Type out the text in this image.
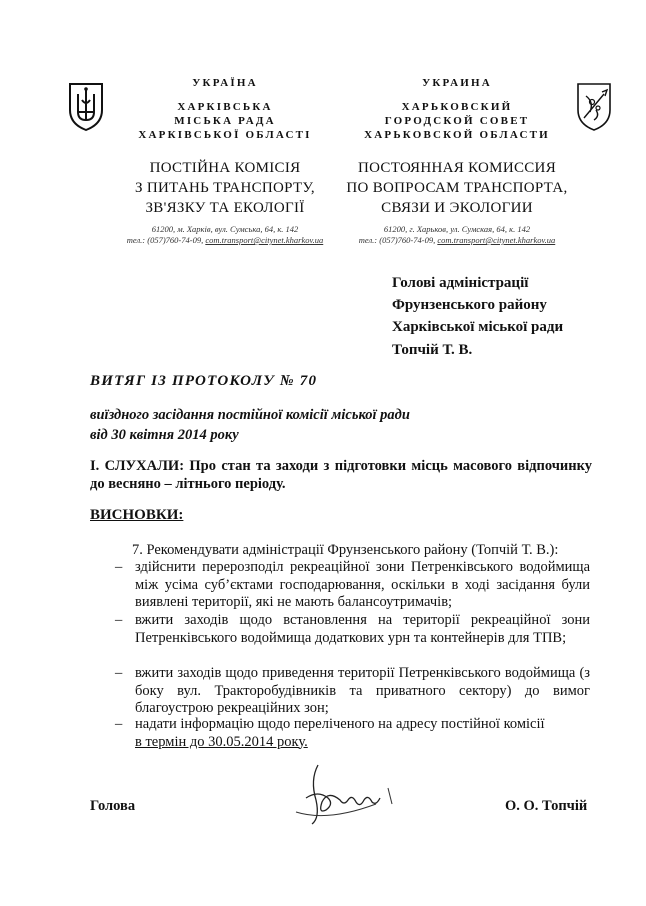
УКРАЇНА
ХАРКІВСЬКА
МІСЬКА РАДА
ХАРКІВСЬКОЇ ОБЛАСТІ
ПОСТІЙНА КОМІСІЯ
З ПИТАНЬ ТРАНСПОРТУ,
ЗВ'ЯЗКУ ТА ЕКОЛОГІЇ
61200, м. Харків, вул. Сумська, 64, к. 142
тел.: (057)760-74-09, com.transport@citynet.kharkov.ua
УКРАИНА
ХАРЬКОВСКИЙ
ГОРОДСКОЙ СОВЕТ
ХАРЬКОВСКОЙ ОБЛАСТИ
ПОСТОЯННАЯ КОМИССИЯ
ПО ВОПРОСАМ ТРАНСПОРТА,
СВЯЗИ И ЭКОЛОГИИ
61200, г. Харьков, ул. Сумская, 64, к. 142
тел.: (057)760-74-09, com.transport@citynet.kharkov.ua
Голові адміністрації
Фрунзенського району
Харківської міської ради
Топчій Т. В.
ВИТЯГ ІЗ ПРОТОКОЛУ № 70
виїздного засідання постійної комісії міської ради
від 30 квітня 2014 року
І. СЛУХАЛИ: Про стан та заходи з підготовки місць масового відпочинку до весняно – літнього періоду.
ВИСНОВКИ:
7. Рекомендувати адміністрації Фрунзенського району (Топчій Т. В.):
– здійснити перерозподіл рекреаційної зони Петренківського водоймища між усіма суб’єктами господарювання, оскільки в ході засідання були виявлені території, які не мають балансоутримачів;
– вжити заходів щодо встановлення на території рекреаційної зони Петренківського водоймища додаткових урн та контейнерів для ТПВ;
– вжити заходів щодо приведення території Петренківського водоймища (з боку вул. Тракторобудівників та приватного сектору) до вимог благоустрою рекреаційних зон;
– надати інформацію щодо переліченого на адресу постійної комісії
в термін до 30.05.2014 року.
Голова	О. О. Топчій
